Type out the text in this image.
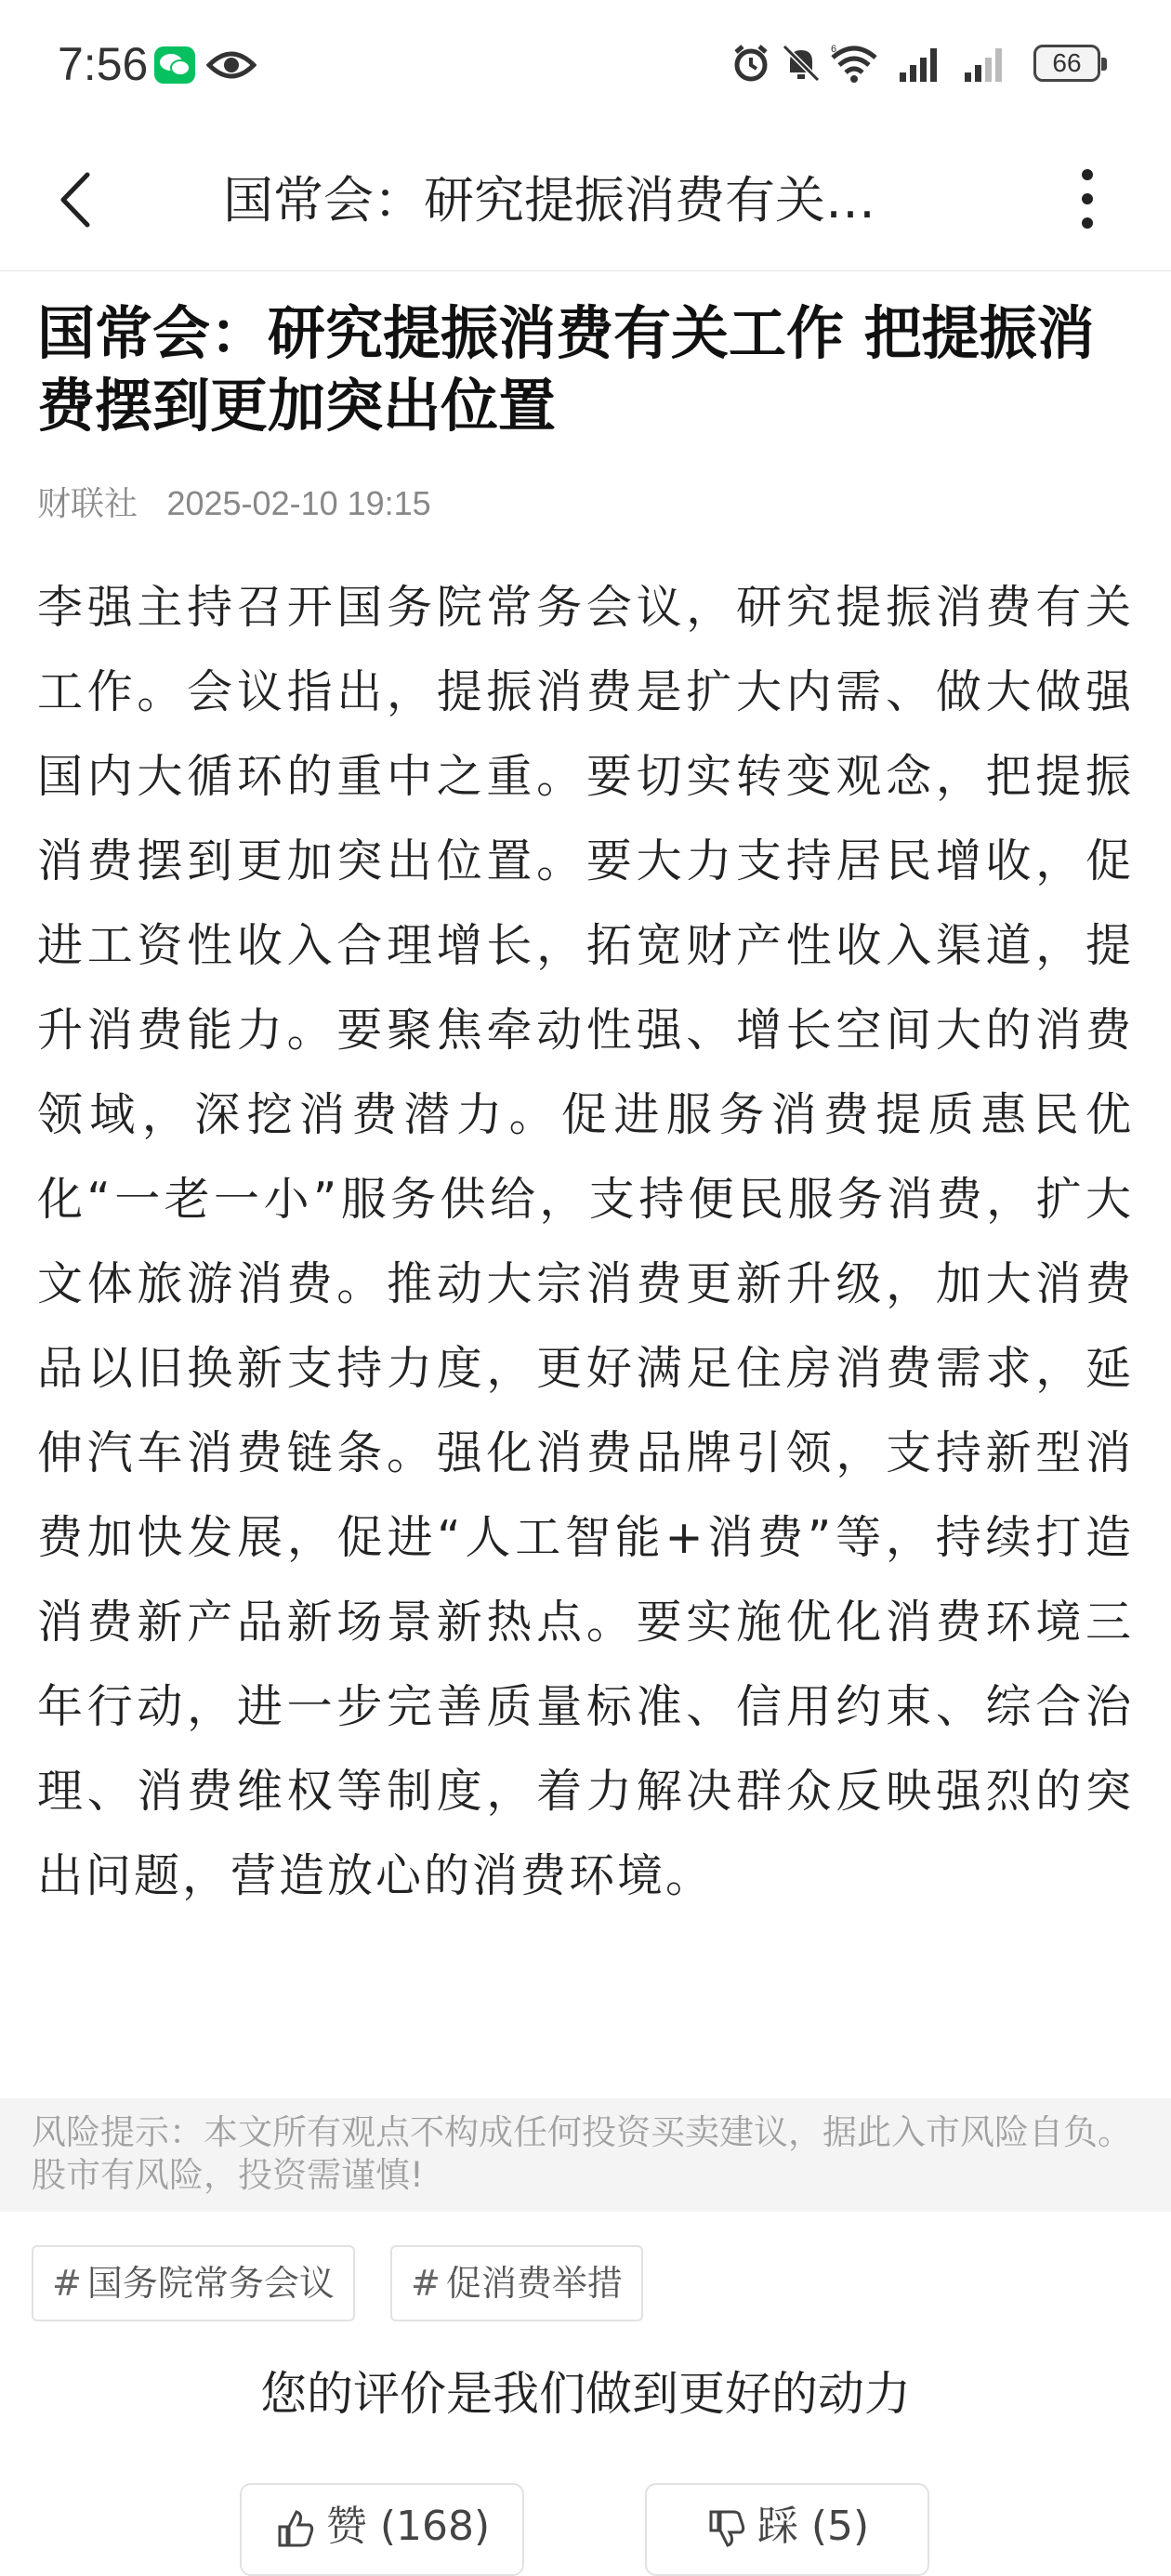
7:56	6	66
国常会：研究提振消费有关…
国常会：研究提振消费有关工作 把提振消费摆到更加突出位置
财联社 2025-02-10 19:15
李强主持召开国务院常务会议，研究提振消费有关工作。会议指出，提振消费是扩大内需、做大做强国内大循环的重中之重。要切实转变观念，把提振消费摆到更加突出位置。要大力支持居民增收，促进工资性收入合理增长，拓宽财产性收入渠道，提升消费能力。要聚焦牵动性强、增长空间大的消费领域，深挖消费潜力。促进服务消费提质惠民优化“一老一小”服务供给，支持便民服务消费，扩大文体旅游消费。推动大宗消费更新升级，加大消费品以旧换新支持力度，更好满足住房消费需求，延伸汽车消费链条。强化消费品牌引领，支持新型消费加快发展，促进“人工智能+消费”等，持续打造消费新产品新场景新热点。要实施优化消费环境三年行动，进一步完善质量标准、信用约束、综合治理、消费维权等制度，着力解决群众反映强烈的突出问题，营造放心的消费环境。
风险提示：本文所有观点不构成任何投资买卖建议，据此入市风险自负。股市有风险，投资需谨慎!
# 国务院常务会议	# 促消费举措
您的评价是我们做到更好的动力
赞 (168)	踩 (5)
